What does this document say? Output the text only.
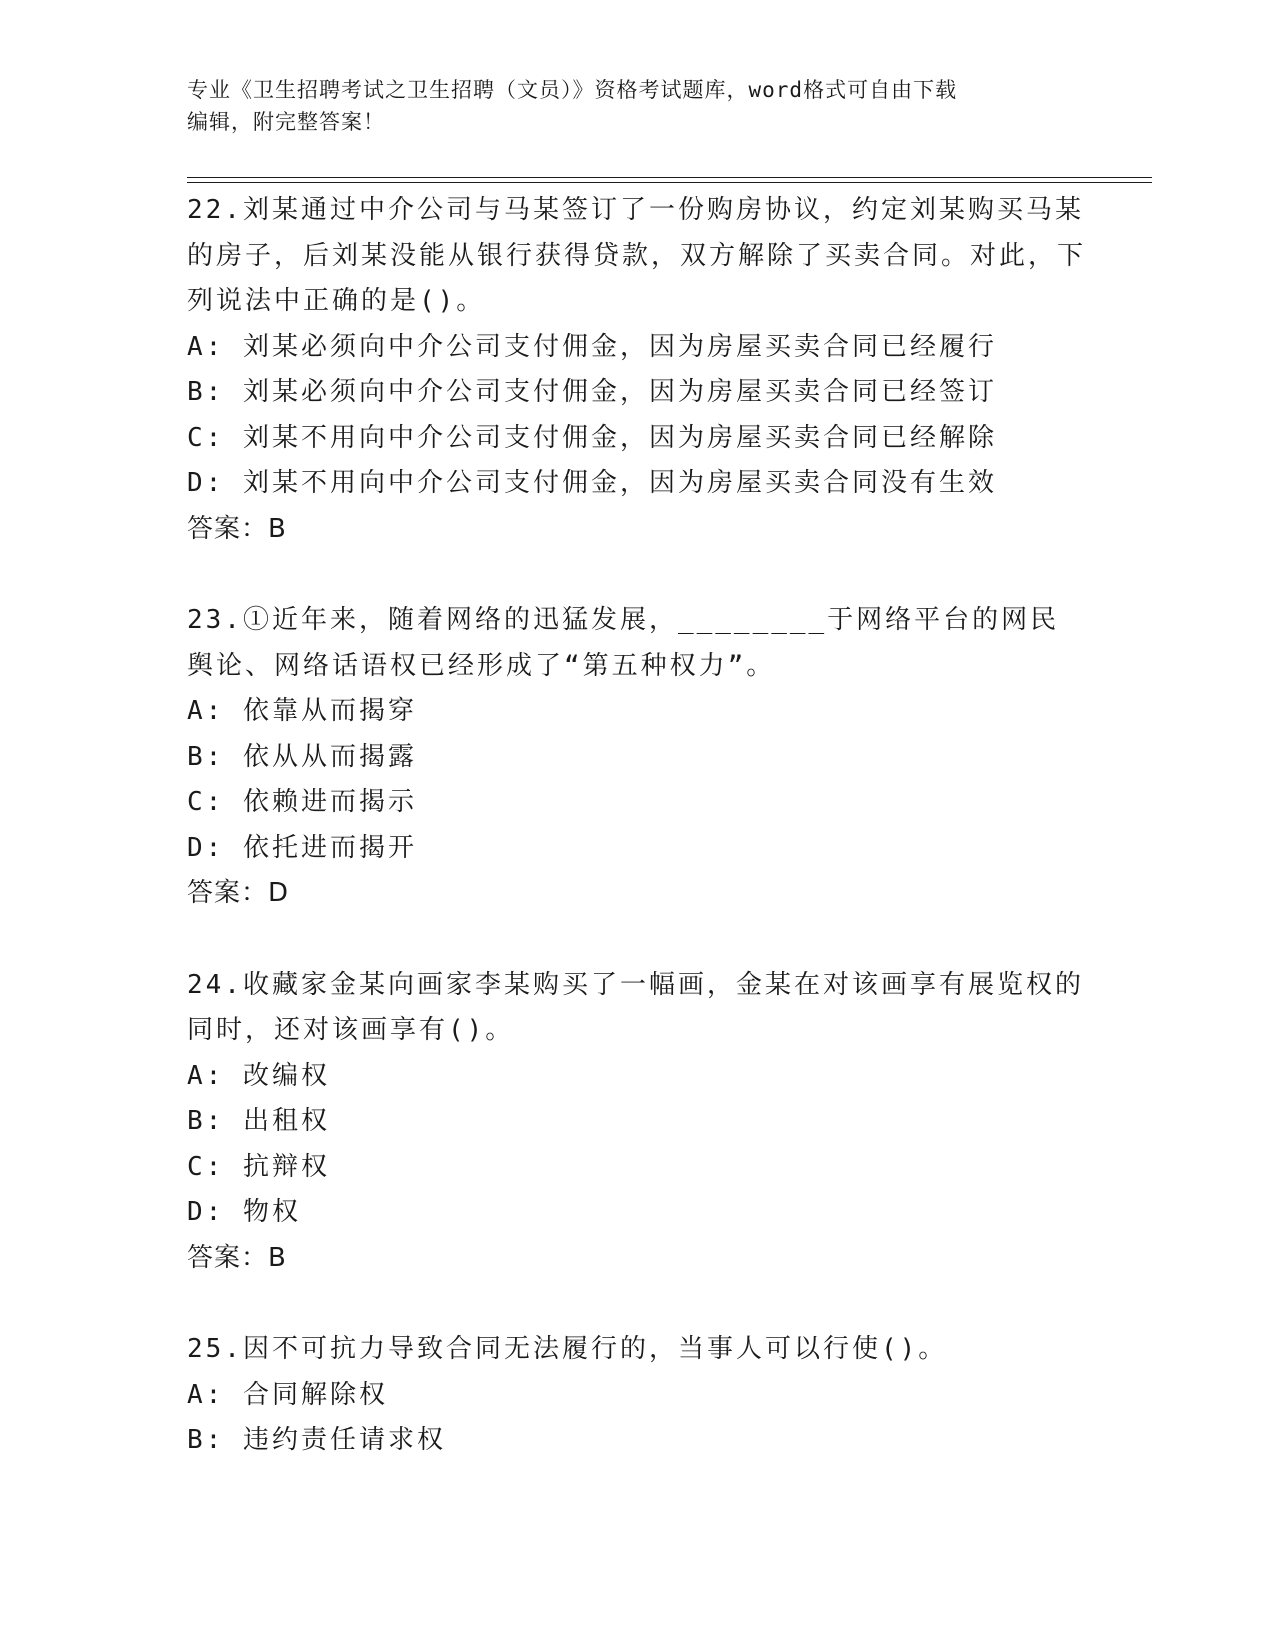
专业《卫生招聘考试之卫生招聘（文员）》资格考试题库，word格式可自由下载
编辑，附完整答案！

22.刘某通过中介公司与马某签订了一份购房协议，约定刘某购买马某的房子，后刘某没能从银行获得贷款，双方解除了买卖合同。对此，下列说法中正确的是()。

A: 刘某必须向中介公司支付佣金，因为房屋买卖合同已经履行

B: 刘某必须向中介公司支付佣金，因为房屋买卖合同已经签订

C: 刘某不用向中介公司支付佣金，因为房屋买卖合同已经解除

D: 刘某不用向中介公司支付佣金，因为房屋买卖合同没有生效

答案：B

23.①近年来，随着网络的迅猛发展，________于网络平台的网民舆论、网络话语权已经形成了“第五种权力”。

A: 依靠从而揭穿

B: 依从从而揭露

C: 依赖进而揭示

D: 依托进而揭开

答案：D

24.收藏家金某向画家李某购买了一幅画，金某在对该画享有展览权的同时，还对该画享有()。

A: 改编权

B: 出租权

C: 抗辩权

D: 物权

答案：B

25.因不可抗力导致合同无法履行的，当事人可以行使()。

A: 合同解除权

B: 违约责任请求权
